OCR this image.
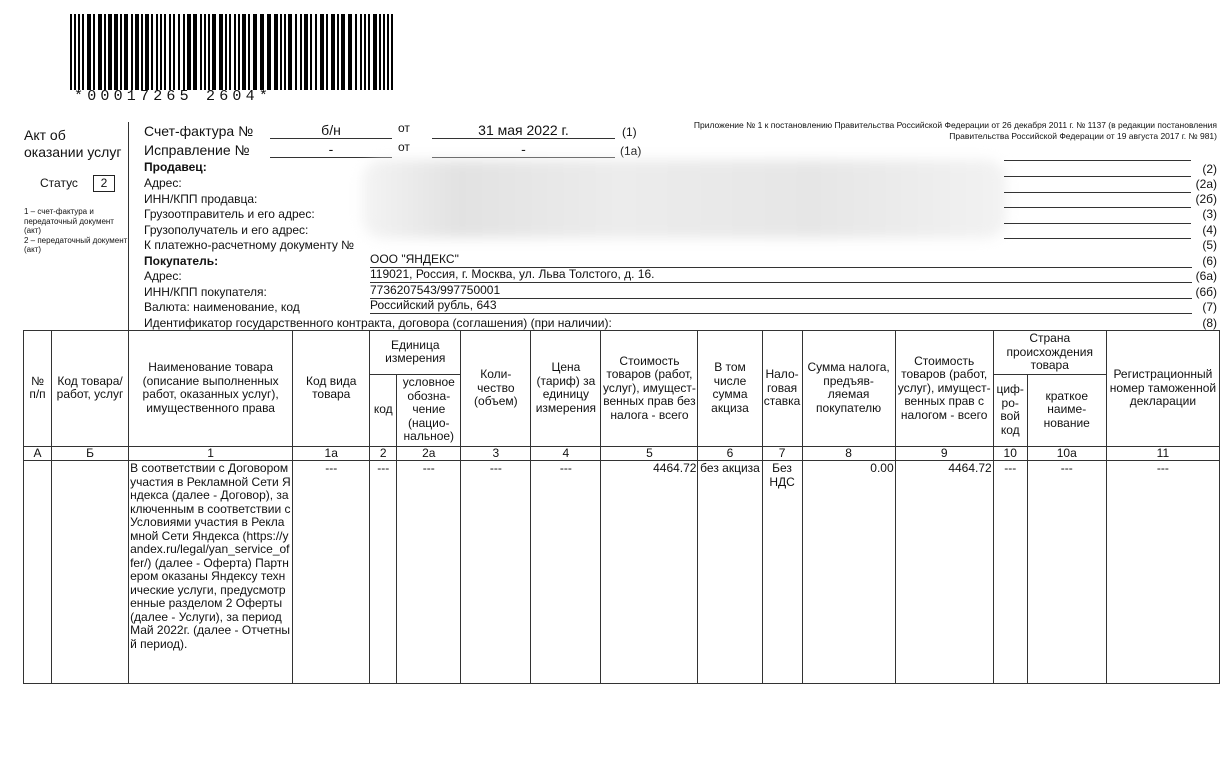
*00017265 2604*
Акт об оказании услуг
Статус	2
1 – счет-фактура и передаточный документ (акт)
2 – передаточный документ (акт)
Приложение № 1 к постановлению Правительства Российской Федерации от 26 декабря 2011 г. № 1137 (в редакции постановления Правительства Российской Федерации от 19 августа 2017 г. № 981)
Счет-фактура №	б/н	от	31 мая 2022 г.	(1)
Исправление №	-	от	-	(1а)
Продавец:	(2)
Адрес:	(2а)
ИНН/КПП продавца:	(2б)
Грузоотправитель и его адрес:	(3)
Грузополучатель и его адрес:	(4)
К платежно-расчетному документу №	(5)
Покупатель:	ООО "ЯНДЕКС"	(6)
Адрес:	119021, Россия, г. Москва, ул. Льва Толстого, д. 16.	(6а)
ИНН/КПП покупателя:	7736207543/997750001	(6б)
Валюта: наименование, код	Российский рубль, 643	(7)
Идентификатор государственного контракта, договора (соглашения) (при наличии):	(8)
№ п/п	Код товара/ работ, услуг	Наименование товара (описание выполненных работ, оказанных услуг), имущественного права	Код вида товара	Единица измерения		Коли-чество (объем)	Цена (тариф) за единицу измерения	Стоимость товаров (работ, услуг), имущест-венных прав без налога - всего	В том числе сумма акциза	Нало-говая ставка	Сумма налога, предъяв-ляемая покупателю	Стоимость товаров (работ, услуг), имущест-венных прав с налогом - всего	Страна происхождения товара		Регистрационный номер таможенной декларации
				код	условное обозна-чение (нацио-нальное)								циф-ро-вой код	краткое наиме-нование	
А	Б	1	1а	2	2а	3	4	5	6	7	8	9	10	10а	11
		В соответствии с Договором участия в Рекламной Сети Яндекса (далее - Договор), заключенным в соответствии с Условиями участия в Рекламной Сети Яндекса (https://yandex.ru/legal/yan_service_offer/) (далее - Оферта) Партнером оказаны Яндексу технические услуги, предусмотренные разделом 2 Оферты (далее - Услуги), за период Май 2022г. (далее - Отчетный период).	---	---	---	---	---	4464.72	без акциза	Без НДС	0.00	4464.72	---	---	---
